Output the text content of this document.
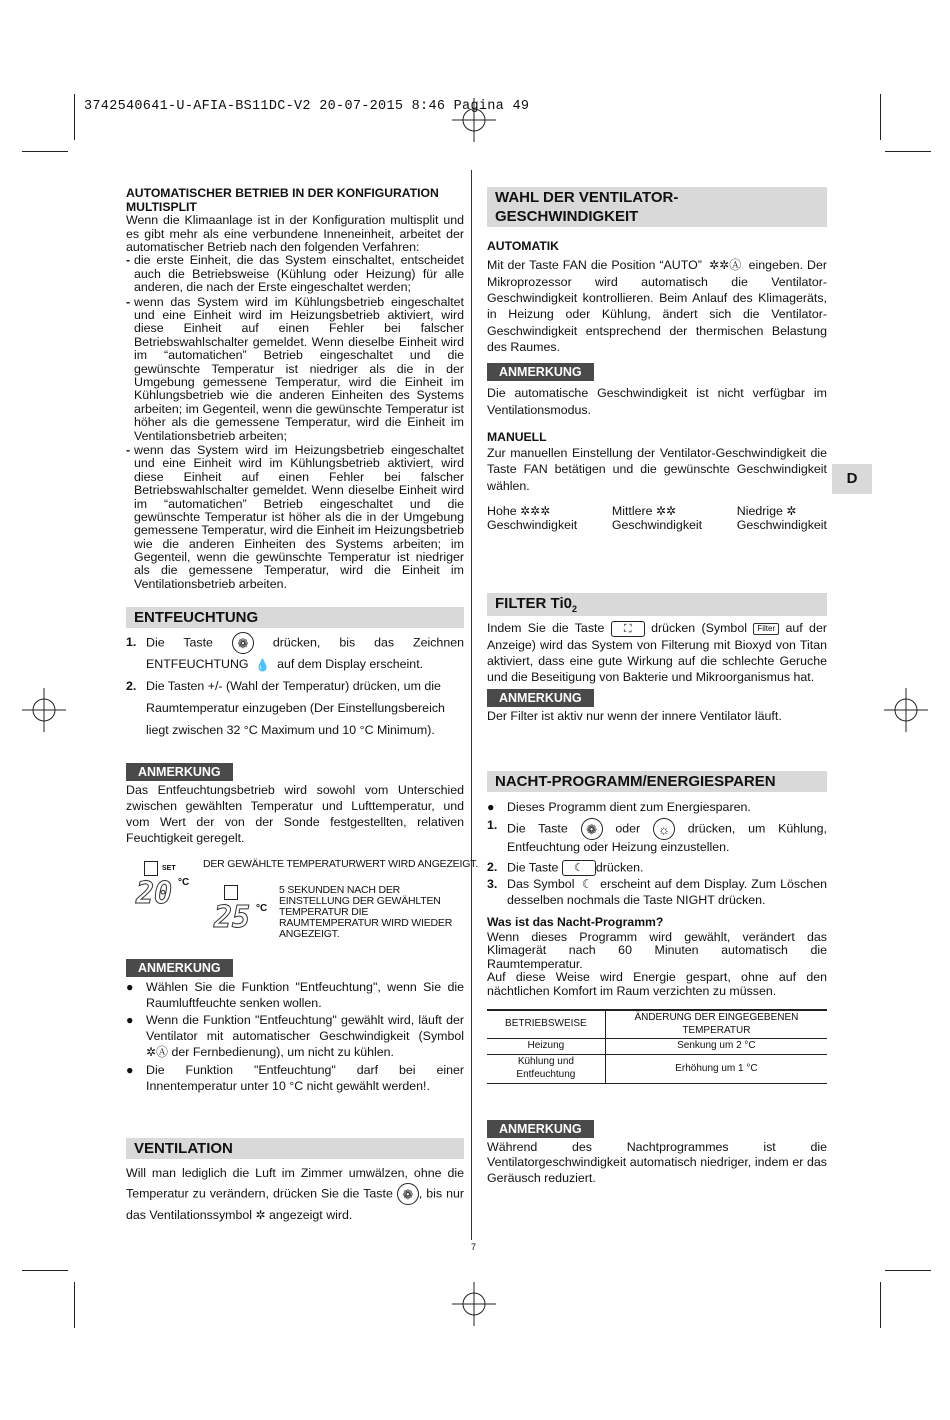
3742540641-U-AFIA-BS11DC-V2 20-07-2015 8:46 Pagina 49
D
AUTOMATISCHER BETRIEB IN DER KONFIGURATION MULTISPLIT
Wenn die Klimaanlage ist in der Konfiguration multisplit und es gibt mehr als eine verbundene Inneneinheit, arbeitet der automatischer Betrieb nach den folgenden Verfahren:
- die erste Einheit, die das System einschaltet, entscheidet auch die Betriebsweise (Kühlung oder Heizung) für alle anderen, die nach der Erste eingeschaltet werden;
- wenn das System wird im Kühlungsbetrieb eingeschaltet und eine Einheit wird im Heizungsbetrieb aktiviert, wird diese Einheit auf einen Fehler bei falscher Betriebswahlschalter gemeldet. Wenn dieselbe Einheit wird im “automatichen” Betrieb eingeschaltet und die gewünschte Temperatur ist niedriger als die in der Umgebung gemessene Temperatur, wird die Einheit im Kühlungsbetrieb wie die anderen Einheiten des Systems arbeiten; im Gegenteil, wenn die gewünschte Temperatur ist höher als die gemessene Temperatur, wird die Einheit im Ventilationsbetrieb arbeiten;
- wenn das System wird im Heizungsbetrieb eingeschaltet und eine Einheit wird im Kühlungsbetrieb aktiviert, wird diese Einheit auf einen Fehler bei falscher Betriebswahlschalter gemeldet. Wenn dieselbe Einheit wird im “automatichen” Betrieb eingeschaltet und die gewünschte Temperatur ist höher als die in der Umgebung gemessene Temperatur, wird die Einheit im Heizungsbetrieb wie die anderen Einheiten des Systems arbeiten; im Gegenteil, wenn die gewünschte Temperatur ist niedriger als die gemessene Temperatur, wird die Einheit im Ventilationsbetrieb arbeiten.
ENTFEUCHTUNG
1. Die Taste ❁ drücken, bis das Zeichnen ENTFEUCHTUNG  💧  auf dem Display erscheint.
2. Die Tasten +/- (Wahl der Temperatur) drücken, um die Raumtemperatur einzugeben (Der Einstellungsbereich liegt zwischen 32 °C Maximum und 10 °C Minimum).
ANMERKUNG
Das Entfeuchtungsbetrieb wird sowohl vom Unterschied zwischen gewählten Temperatur und Lufttemperatur, und vom Wert der von der Sonde festgestellten, relativen Feuchtigkeit geregelt.
SET
20 °C
DER GEWÄHLTE TEMPERATURWERT WIRD ANGEZEIGT.
25 °C
5 SEKUNDEN NACH DER EINSTELLUNG DER GEWÄHLTEN TEMPERATUR DIE RAUMTEMPERATUR WIRD WIEDER ANGEZEIGT.
ANMERKUNG
● Wählen Sie die Funktion "Entfeuchtung", wenn Sie die Raumluftfeuchte senken wollen.
● Wenn die Funktion "Entfeuchtung" gewählt wird, läuft der Ventilator mit automatischer Geschwindigkeit (Symbol ✲Ⓐ der Fernbedienung), um nicht zu kühlen.
● Die Funktion "Entfeuchtung" darf bei einer Innentemperatur unter 10 °C nicht gewählt werden!.
VENTILATION
Will man lediglich die Luft im Zimmer umwälzen, ohne die Temperatur zu verändern, drücken Sie die Taste ❁ , bis nur das Ventilationssymbol ✲ angezeigt wird.
WAHL DER VENTILATOR-GESCHWINDIGKEIT
AUTOMATIK
Mit der Taste FAN die Position “AUTO”  ✲✲Ⓐ  eingeben. Der Mikroprozessor wird automatisch die Ventilator-Geschwindigkeit kontrollieren. Beim Anlauf des Klimageräts, in Heizung oder Kühlung, ändert sich die Ventilator-Geschwindigkeit entsprechend der thermischen Belastung des Raumes.
ANMERKUNG
Die automatische Geschwindigkeit ist nicht verfügbar im Ventilationsmodus.
MANUELL
Zur manuellen Einstellung der Ventilator-Geschwindigkeit die Taste FAN betätigen und die gewünschte Geschwindigkeit wählen.
Hohe ✲✲✲
Geschwindigkeit
Mittlere ✲✲
Geschwindigkeit
Niedrige ✲
Geschwindigkeit
FILTER $Ti0_2$
Indem Sie die Taste ⛶ drücken (Symbol Filter auf der Anzeige) wird das System von Filterung mit Bioxyd von Titan aktiviert, dass eine gute Wirkung auf die schlechte Geruche und die Beseitigung von Bakterie und Mikroorganismus hat.
ANMERKUNG
Der Filter ist aktiv nur wenn der innere Ventilator läuft.
NACHT-PROGRAMM/ENERGIESPAREN
● Dieses Programm dient zum Energiesparen.
1. Die Taste ❁ oder ☼ drücken, um Kühlung, Entfeuchtung oder Heizung einzustellen.
2. Die Taste ☾ drücken.
3. Das Symbol  ☾  erscheint auf dem Display. Zum Löschen desselben nochmals die Taste NIGHT drücken.
Was ist das Nacht-Programm?
Wenn dieses Programm wird gewählt, verändert das Klimagerät nach 60 Minuten automatisch die Raumtemperatur.
Auf diese Weise wird Energie gespart, ohne auf den nächtlichen Komfort im Raum verzichten zu müssen.
BETRIEBSWEISE	ÄNDERUNG DER EINGEGEBENEN TEMPERATUR
Heizung	Senkung um 2 °C
Kühlung und Entfeuchtung	Erhöhung um 1 °C
ANMERKUNG
Während des Nachtprogrammes ist die Ventilatorgeschwindigkeit automatisch niedriger, indem er das Geräusch reduziert.
7
